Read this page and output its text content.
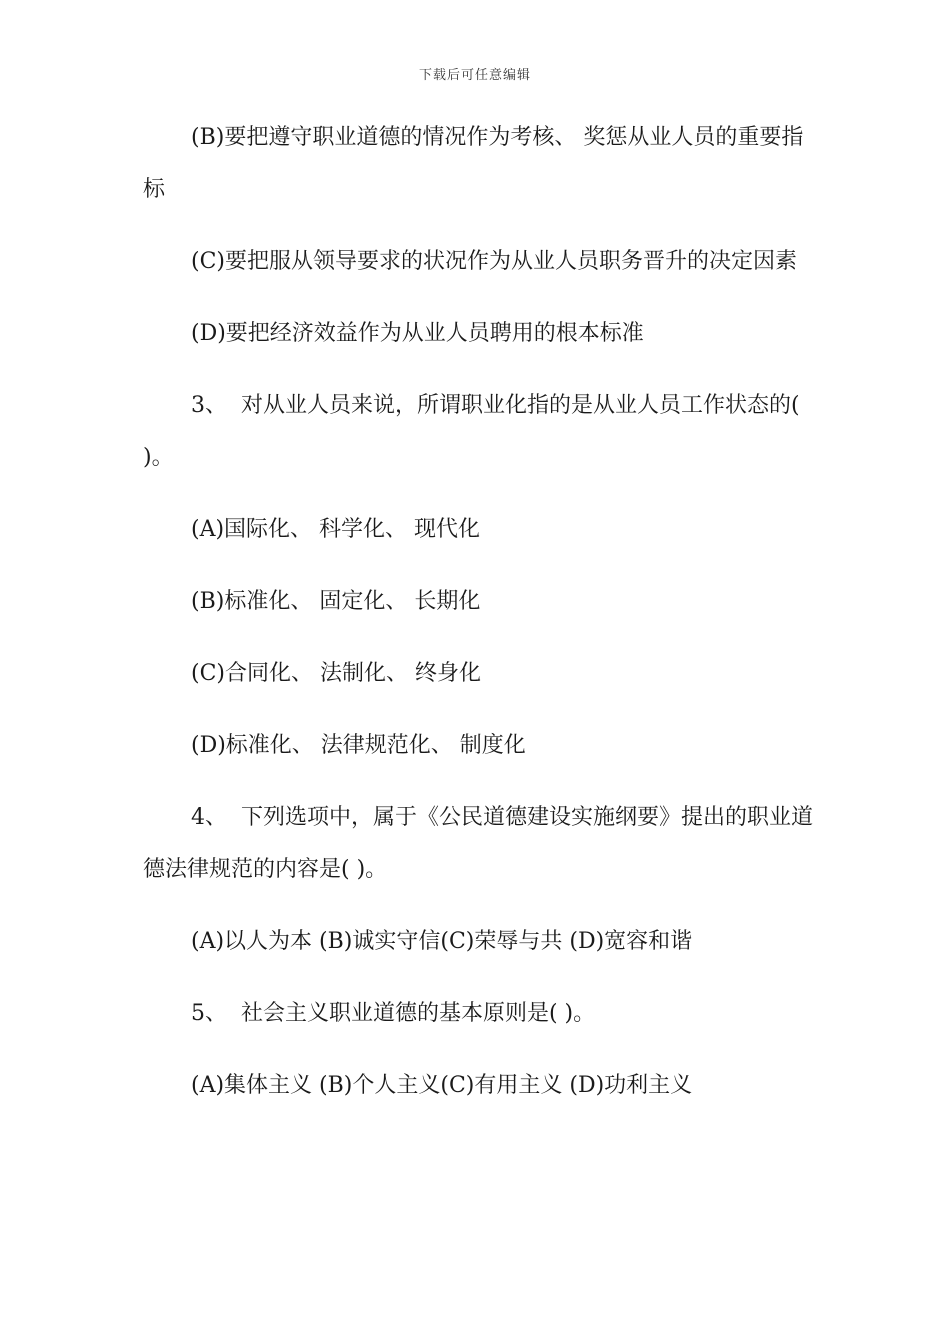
下载后可任意编辑

(B)要把遵守职业道德的情况作为考核、 奖惩从业人员的重要指标

(C)要把服从领导要求的状况作为从业人员职务晋升的决定因素

(D)要把经济效益作为从业人员聘用的根本标准

3、  对从业人员来说，所谓职业化指的是从业人员工作状态的( )。

(A)国际化、 科学化、 现代化

(B)标准化、 固定化、 长期化

(C)合同化、 法制化、 终身化

(D)标准化、 法律规范化、 制度化

4、  下列选项中，属于《公民道德建设实施纲要》提出的职业道德法律规范的内容是( )。

(A)以人为本 (B)诚实守信(C)荣辱与共 (D)宽容和谐

5、  社会主义职业道德的基本原则是( )。

(A)集体主义 (B)个人主义(C)有用主义 (D)功利主义
